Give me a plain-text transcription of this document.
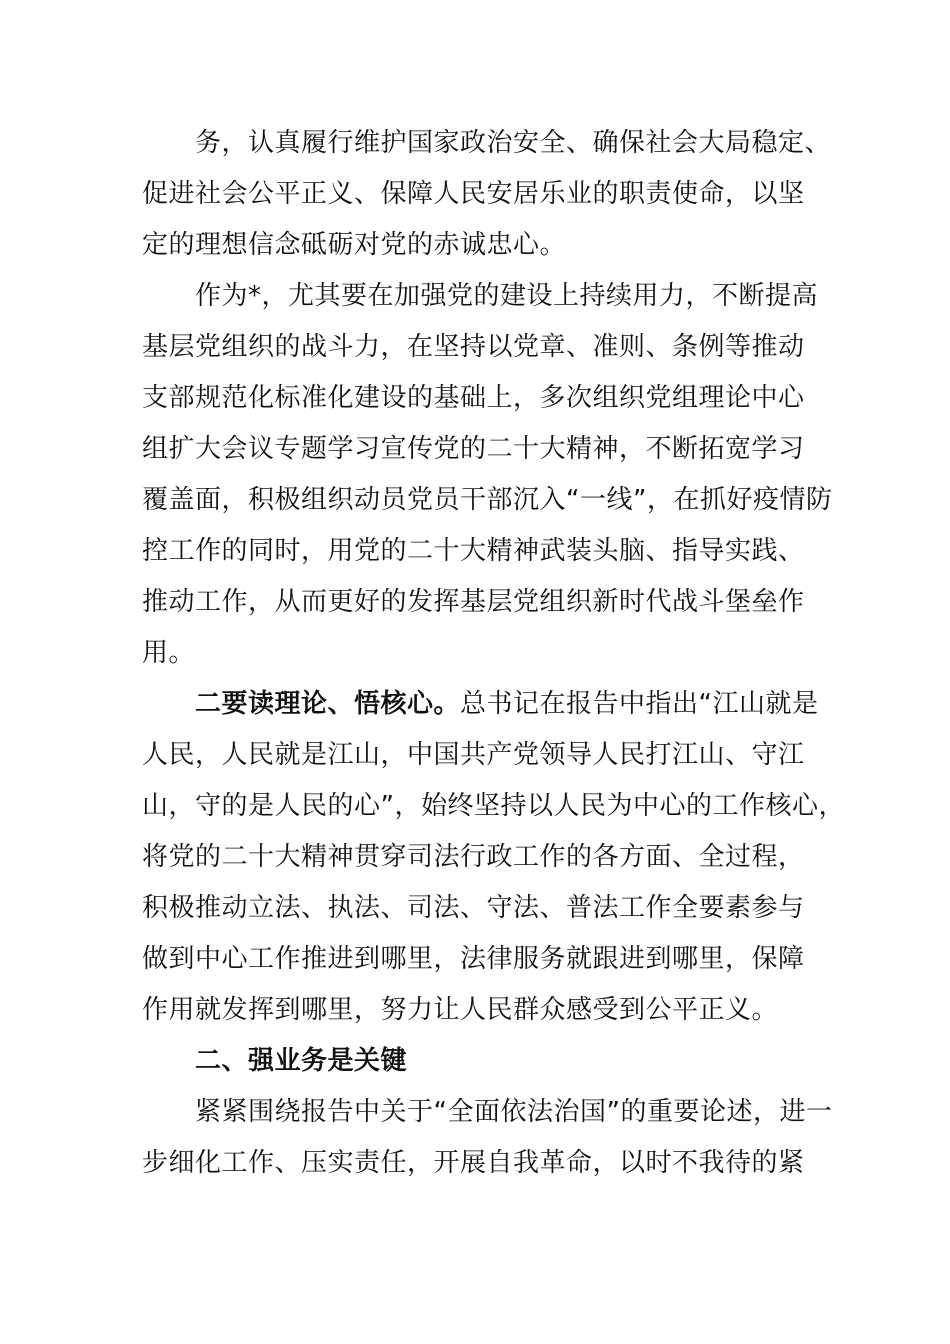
务，认真履行维护国家政治安全、确保社会大局稳定、
促进社会公平正义、保障人民安居乐业的职责使命，以坚
定的理想信念砥砺对党的赤诚忠心。
作为*，尤其要在加强党的建设上持续用力，不断提高
基层党组织的战斗力，在坚持以党章、准则、条例等推动
支部规范化标准化建设的基础上，多次组织党组理论中心
组扩大会议专题学习宣传党的二十大精神，不断拓宽学习
覆盖面，积极组织动员党员干部沉入“一线”，在抓好疫情防
控工作的同时，用党的二十大精神武装头脑、指导实践、
推动工作，从而更好的发挥基层党组织新时代战斗堡垒作
用。
二要读理论、悟核心。总书记在报告中指出“江山就是
人民，人民就是江山，中国共产党领导人民打江山、守江
山，守的是人民的心”，始终坚持以人民为中心的工作核心，
将党的二十大精神贯穿司法行政工作的各方面、全过程，
积极推动立法、执法、司法、守法、普法工作全要素参与
做到中心工作推进到哪里，法律服务就跟进到哪里，保障
作用就发挥到哪里，努力让人民群众感受到公平正义。
二、强业务是关键
紧紧围绕报告中关于“全面依法治国”的重要论述，进一
步细化工作、压实责任，开展自我革命，以时不我待的紧
